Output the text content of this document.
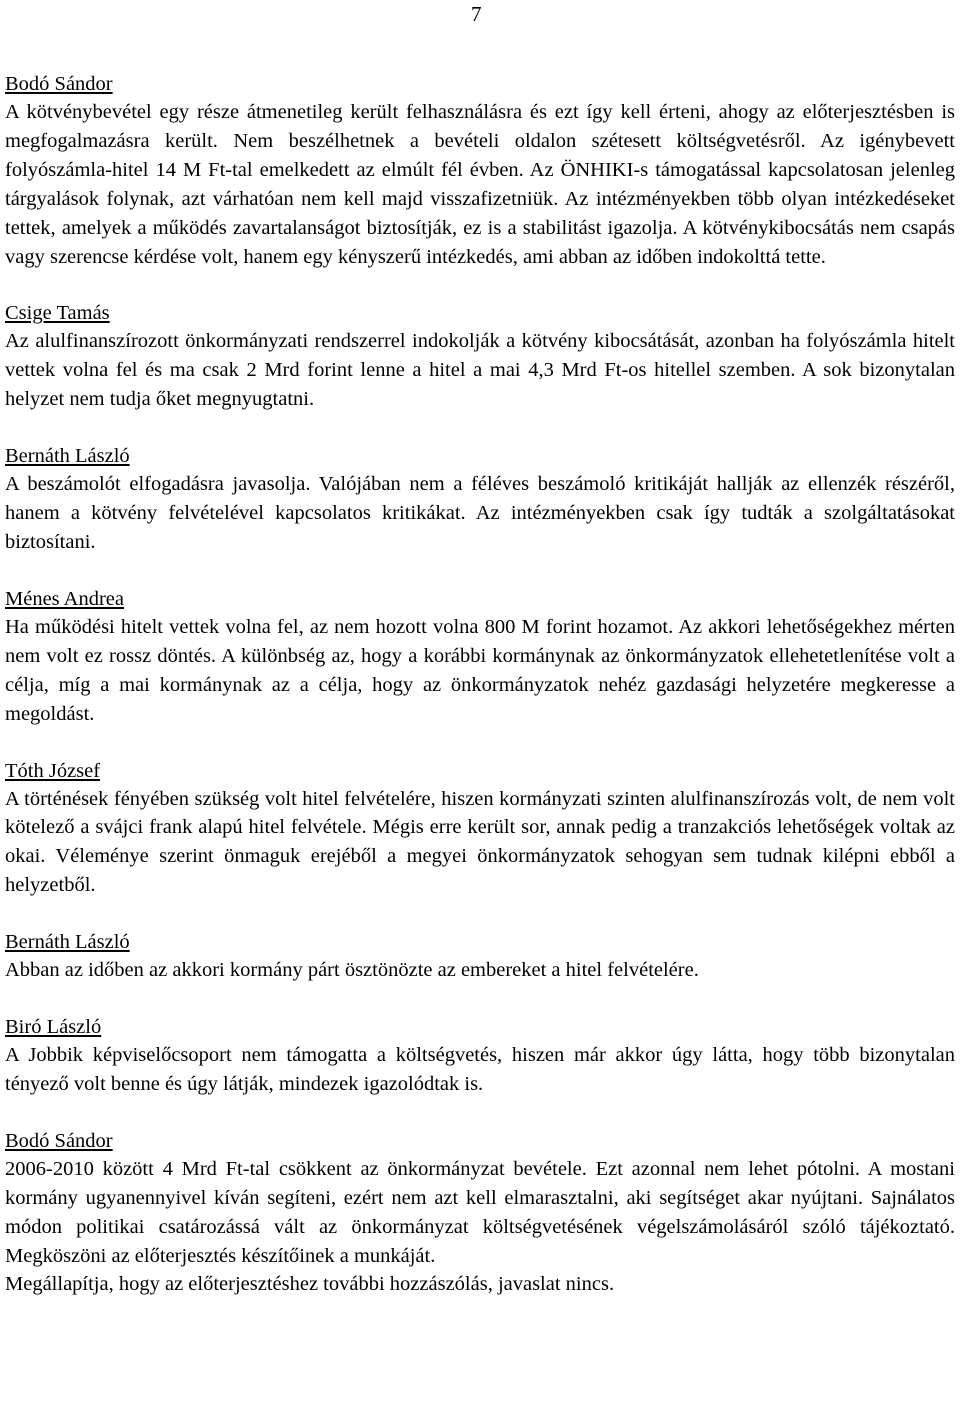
7

Bodó Sándor

A kötvénybevétel egy része átmenetileg került felhasználásra és ezt így kell érteni, ahogy az előterjesztésben is megfogalmazásra került. Nem beszélhetnek a bevételi oldalon szétesett költségvetésről. Az igénybevett folyószámla-hitel 14 M Ft-tal emelkedett az elmúlt fél évben. Az ÖNHIKI-s támogatással kapcsolatosan jelenleg tárgyalások folynak, azt várhatóan nem kell majd visszafizetniük. Az intézményekben több olyan intézkedéseket tettek, amelyek a működés zavartalanságot biztosítják, ez is a stabilitást igazolja. A kötvénykibocsátás nem csapás vagy szerencse kérdése volt, hanem egy kényszerű intézkedés, ami abban az időben indokolttá tette.

Csige Tamás

Az alulfinanszírozott önkormányzati rendszerrel indokolják a kötvény kibocsátását, azonban ha folyószámla hitelt vettek volna fel és ma csak 2 Mrd forint lenne a hitel a mai 4,3 Mrd Ft-os hitellel szemben. A sok bizonytalan helyzet nem tudja őket megnyugtatni.

Bernáth László

A beszámolót elfogadásra javasolja. Valójában nem a féléves beszámoló kritikáját hallják az ellenzék részéről, hanem a kötvény felvételével kapcsolatos kritikákat. Az intézményekben csak így tudták a szolgáltatásokat biztosítani.

Ménes Andrea

Ha működési hitelt vettek volna fel, az nem hozott volna 800 M forint hozamot. Az akkori lehetőségekhez mérten nem volt ez rossz döntés. A különbség az, hogy a korábbi kormánynak az önkormányzatok ellehetetlenítése volt a célja, míg a mai kormánynak az a célja, hogy az önkormányzatok nehéz gazdasági helyzetére megkeresse a megoldást.

Tóth József

A történések fényében szükség volt hitel felvételére, hiszen kormányzati szinten alulfinanszírozás volt, de nem volt kötelező a svájci frank alapú hitel felvétele. Mégis erre került sor, annak pedig a tranzakciós lehetőségek voltak az okai. Véleménye szerint önmaguk erejéből a megyei önkormányzatok sehogyan sem tudnak kilépni ebből a helyzetből.

Bernáth László

Abban az időben az akkori kormány párt ösztönözte az embereket a hitel felvételére.

Biró László

A Jobbik képviselőcsoport nem támogatta a költségvetés, hiszen már akkor úgy látta, hogy több bizonytalan tényező volt benne és úgy látják, mindezek igazolódtak is.

Bodó Sándor

2006-2010 között 4 Mrd Ft-tal csökkent az önkormányzat bevétele. Ezt azonnal nem lehet pótolni. A mostani kormány ugyanennyivel kíván segíteni, ezért nem azt kell elmarasztalni, aki segítséget akar nyújtani. Sajnálatos módon politikai csatározássá vált az önkormányzat költségvetésének végelszámolásáról szóló tájékoztató. Megköszöni az előterjesztés készítőinek a munkáját.

Megállapítja, hogy az előterjesztéshez további hozzászólás, javaslat nincs.
